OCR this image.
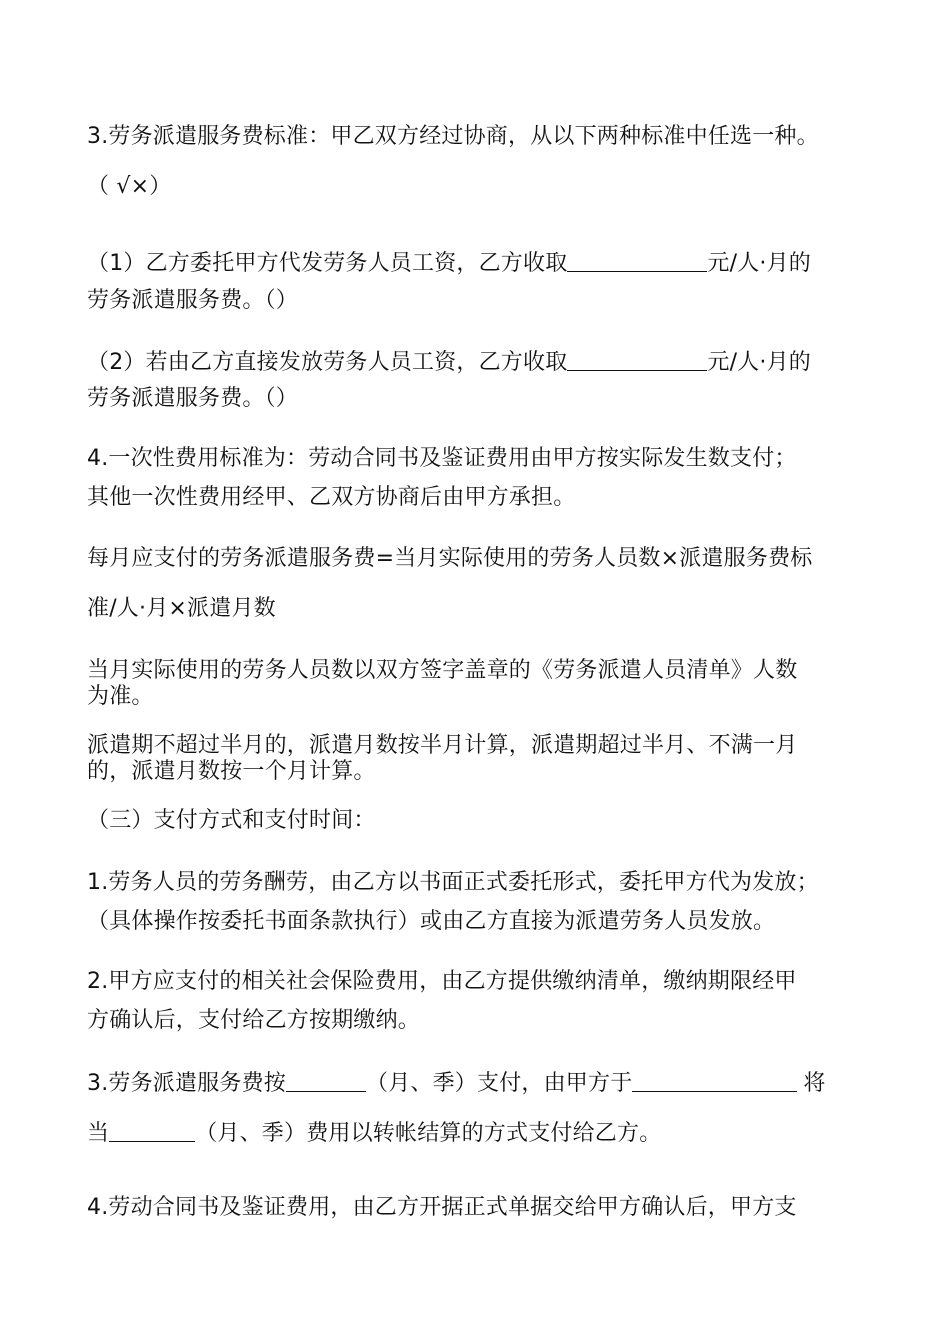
3.劳务派遣服务费标准：甲乙双方经过协商，从以下两种标准中任选一种。
（ √×）
（1）乙方委托甲方代发劳务人员工资，乙方收取	元/人·月的
劳务派遣服务费。（）
（2）若由乙方直接发放劳务人员工资，乙方收取	元/人·月的
劳务派遣服务费。（）
4.一次性费用标准为：劳动合同书及鉴证费用由甲方按实际发生数支付；
其他一次性费用经甲、乙双方协商后由甲方承担。
每月应支付的劳务派遣服务费=当月实际使用的劳务人员数×派遣服务费标
准/人·月×派遣月数
当月实际使用的劳务人员数以双方签字盖章的《劳务派遣人员清单》人数
为准。
派遣期不超过半月的，派遣月数按半月计算，派遣期超过半月、不满一月
的，派遣月数按一个月计算。
（三）支付方式和支付时间：
1.劳务人员的劳务酬劳，由乙方以书面正式委托形式，委托甲方代为发放；
（具体操作按委托书面条款执行）或由乙方直接为派遣劳务人员发放。
2.甲方应支付的相关社会保险费用，由乙方提供缴纳清单，缴纳期限经甲
方确认后，支付给乙方按期缴纳。
3.劳务派遣服务费按	（月、季）支付，由甲方于	将
当	（月、季）费用以转帐结算的方式支付给乙方。
4.劳动合同书及鉴证费用，由乙方开据正式单据交给甲方确认后，甲方支
